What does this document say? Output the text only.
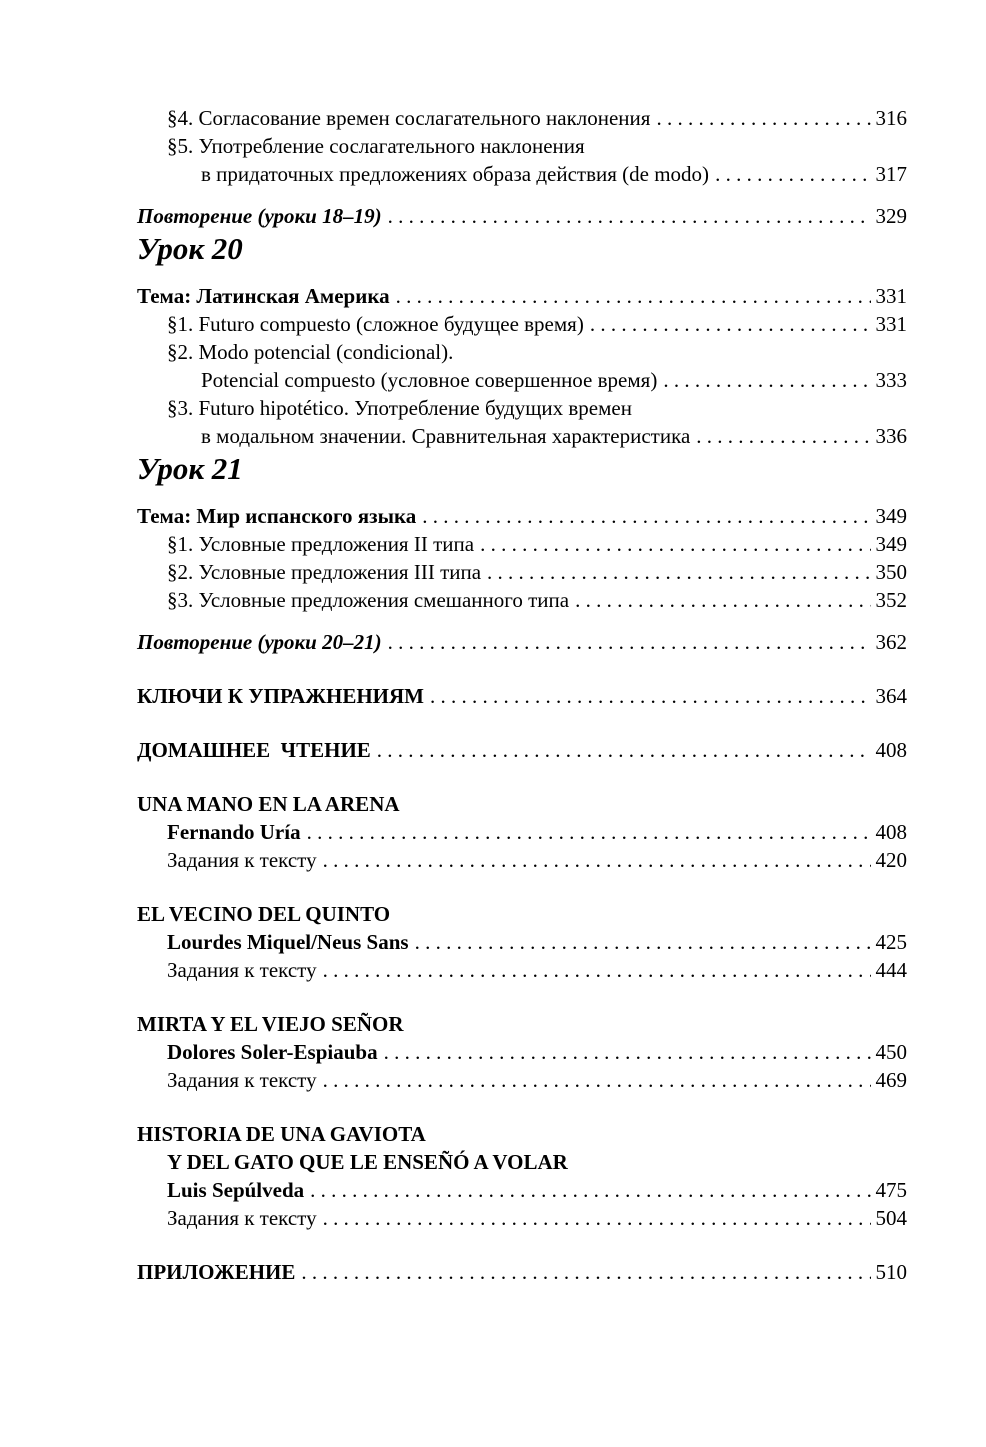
§4. Согласование времен сослагательного наклонения . . .	316
§5. Употребление сослагательного наклонения
в придаточных предложениях образа действия (de modo) . . .	317
Повторение (уроки 18–19) . . .	329
Урок 20
Тема: Латинская Америка . . .	331
§1. Futuro compuesto (сложное будущее время) . . .	331
§2. Modo potencial (condicional).
Potencial compuesto (условное совершенное время) . . .	333
§3. Futuro hipotético. Употребление будущих времен
в модальном значении. Сравнительная характеристика . . .	336
Урок 21
Тема: Мир испанского языка . . .	349
§1. Условные предложения II типа . . .	349
§2. Условные предложения III типа . . .	350
§3. Условные предложения смешанного типа . . .	352
Повторение (уроки 20–21) . . .	362
КЛЮЧИ К УПРАЖНЕНИЯМ . . .	364
ДОМАШНЕЕ  ЧТЕНИЕ . . .	408
UNA MANO EN LA ARENA
Fernando Uría . . .	408
Задания к тексту . . .	420
EL VECINO DEL QUINTO
Lourdes Miquel/Neus Sans . . .	425
Задания к тексту . . .	444
MIRTA Y EL VIEJO SEÑOR
Dolores Soler-Espiauba . . .	450
Задания к тексту . . .	469
HISTORIA DE UNA GAVIOTA
Y DEL GATO QUE LE ENSEÑÓ A VOLAR
Luis Sepúlveda . . .	475
Задания к тексту . . .	504
ПРИЛОЖЕНИЕ . . .	510
